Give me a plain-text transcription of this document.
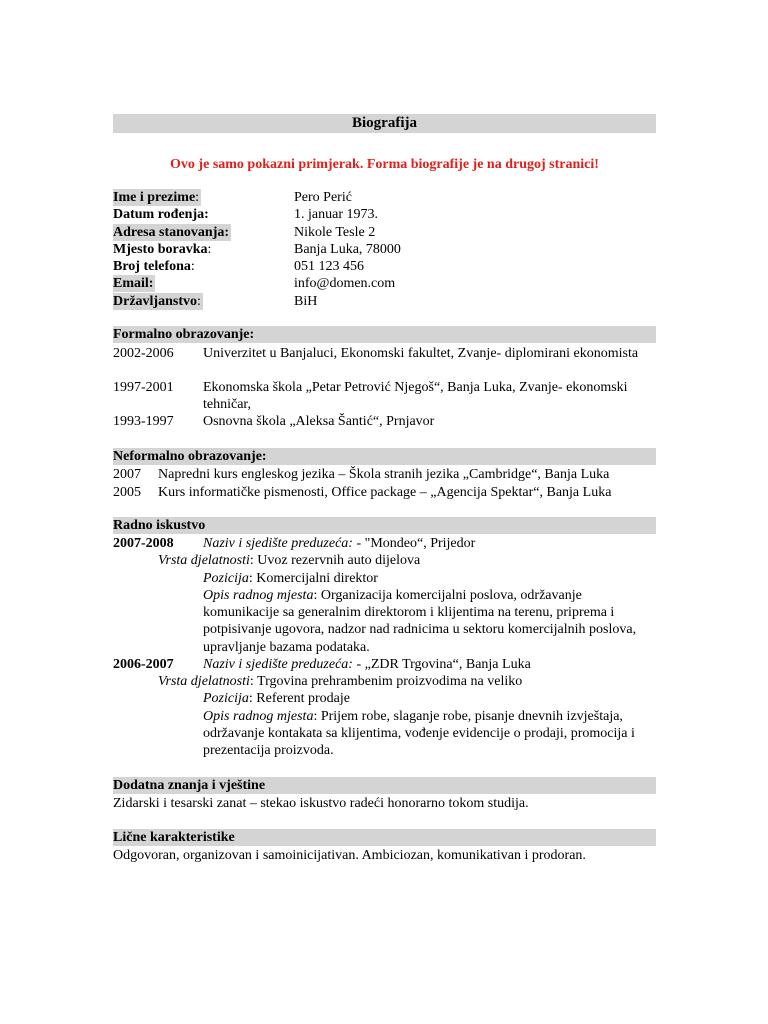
Biografija
Ovo je samo pokazni primjerak. Forma biografije je na drugoj stranici!
Ime i prezime:	Pero Perić
Datum rođenja:	1. januar 1973.
Adresa stanovanja:	Nikole Tesle 2
Mjesto boravka:	Banja Luka, 78000
Broj telefona:	051 123 456
Email:	info@domen.com
Državljanstvo:	BiH
Formalno obrazovanje:
2002-2006 Univerzitet u Banjaluci, Ekonomski fakultet, Zvanje- diplomirani ekonomista
1997-2001 Ekonomska škola „Petar Petrović Njegoš“, Banja Luka, Zvanje- ekonomski tehničar,
1993-1997 Osnovna škola „Aleksa Šantić“, Prnjavor
Neformalno obrazovanje:
2007 Napredni kurs engleskog jezika – Škola stranih jezika „Cambridge“, Banja Luka
2005 Kurs informatičke pismenosti, Office package – „Agencija Spektar“, Banja Luka
Radno iskustvo
2007-2008 Naziv i sjedište preduzeća: - "Mondeo“, Prijedor
Vrsta djelatnosti: Uvoz rezervnih auto dijelova
Pozicija: Komercijalni direktor
Opis radnog mjesta: Organizacija komercijalni poslova, održavanje komunikacije sa generalnim direktorom i klijentima na terenu, priprema i potpisivanje ugovora, nadzor nad radnicima u sektoru komercijalnih poslova, upravljanje bazama podataka.
2006-2007 Naziv i sjedište preduzeća: - „ZDR Trgovina“, Banja Luka
Vrsta djelatnosti: Trgovina prehrambenim proizvodima na veliko
Pozicija: Referent prodaje
Opis radnog mjesta: Prijem robe, slaganje robe, pisanje dnevnih izvještaja, održavanje kontakata sa klijentima, vođenje evidencije o prodaji, promocija i prezentacija proizvoda.
Dodatna znanja i vještine
Zidarski i tesarski zanat – stekao iskustvo radeći honorarno tokom studija.
Lične karakteristike
Odgovoran, organizovan i samoinicijativan. Ambiciozan, komunikativan i prodoran.
